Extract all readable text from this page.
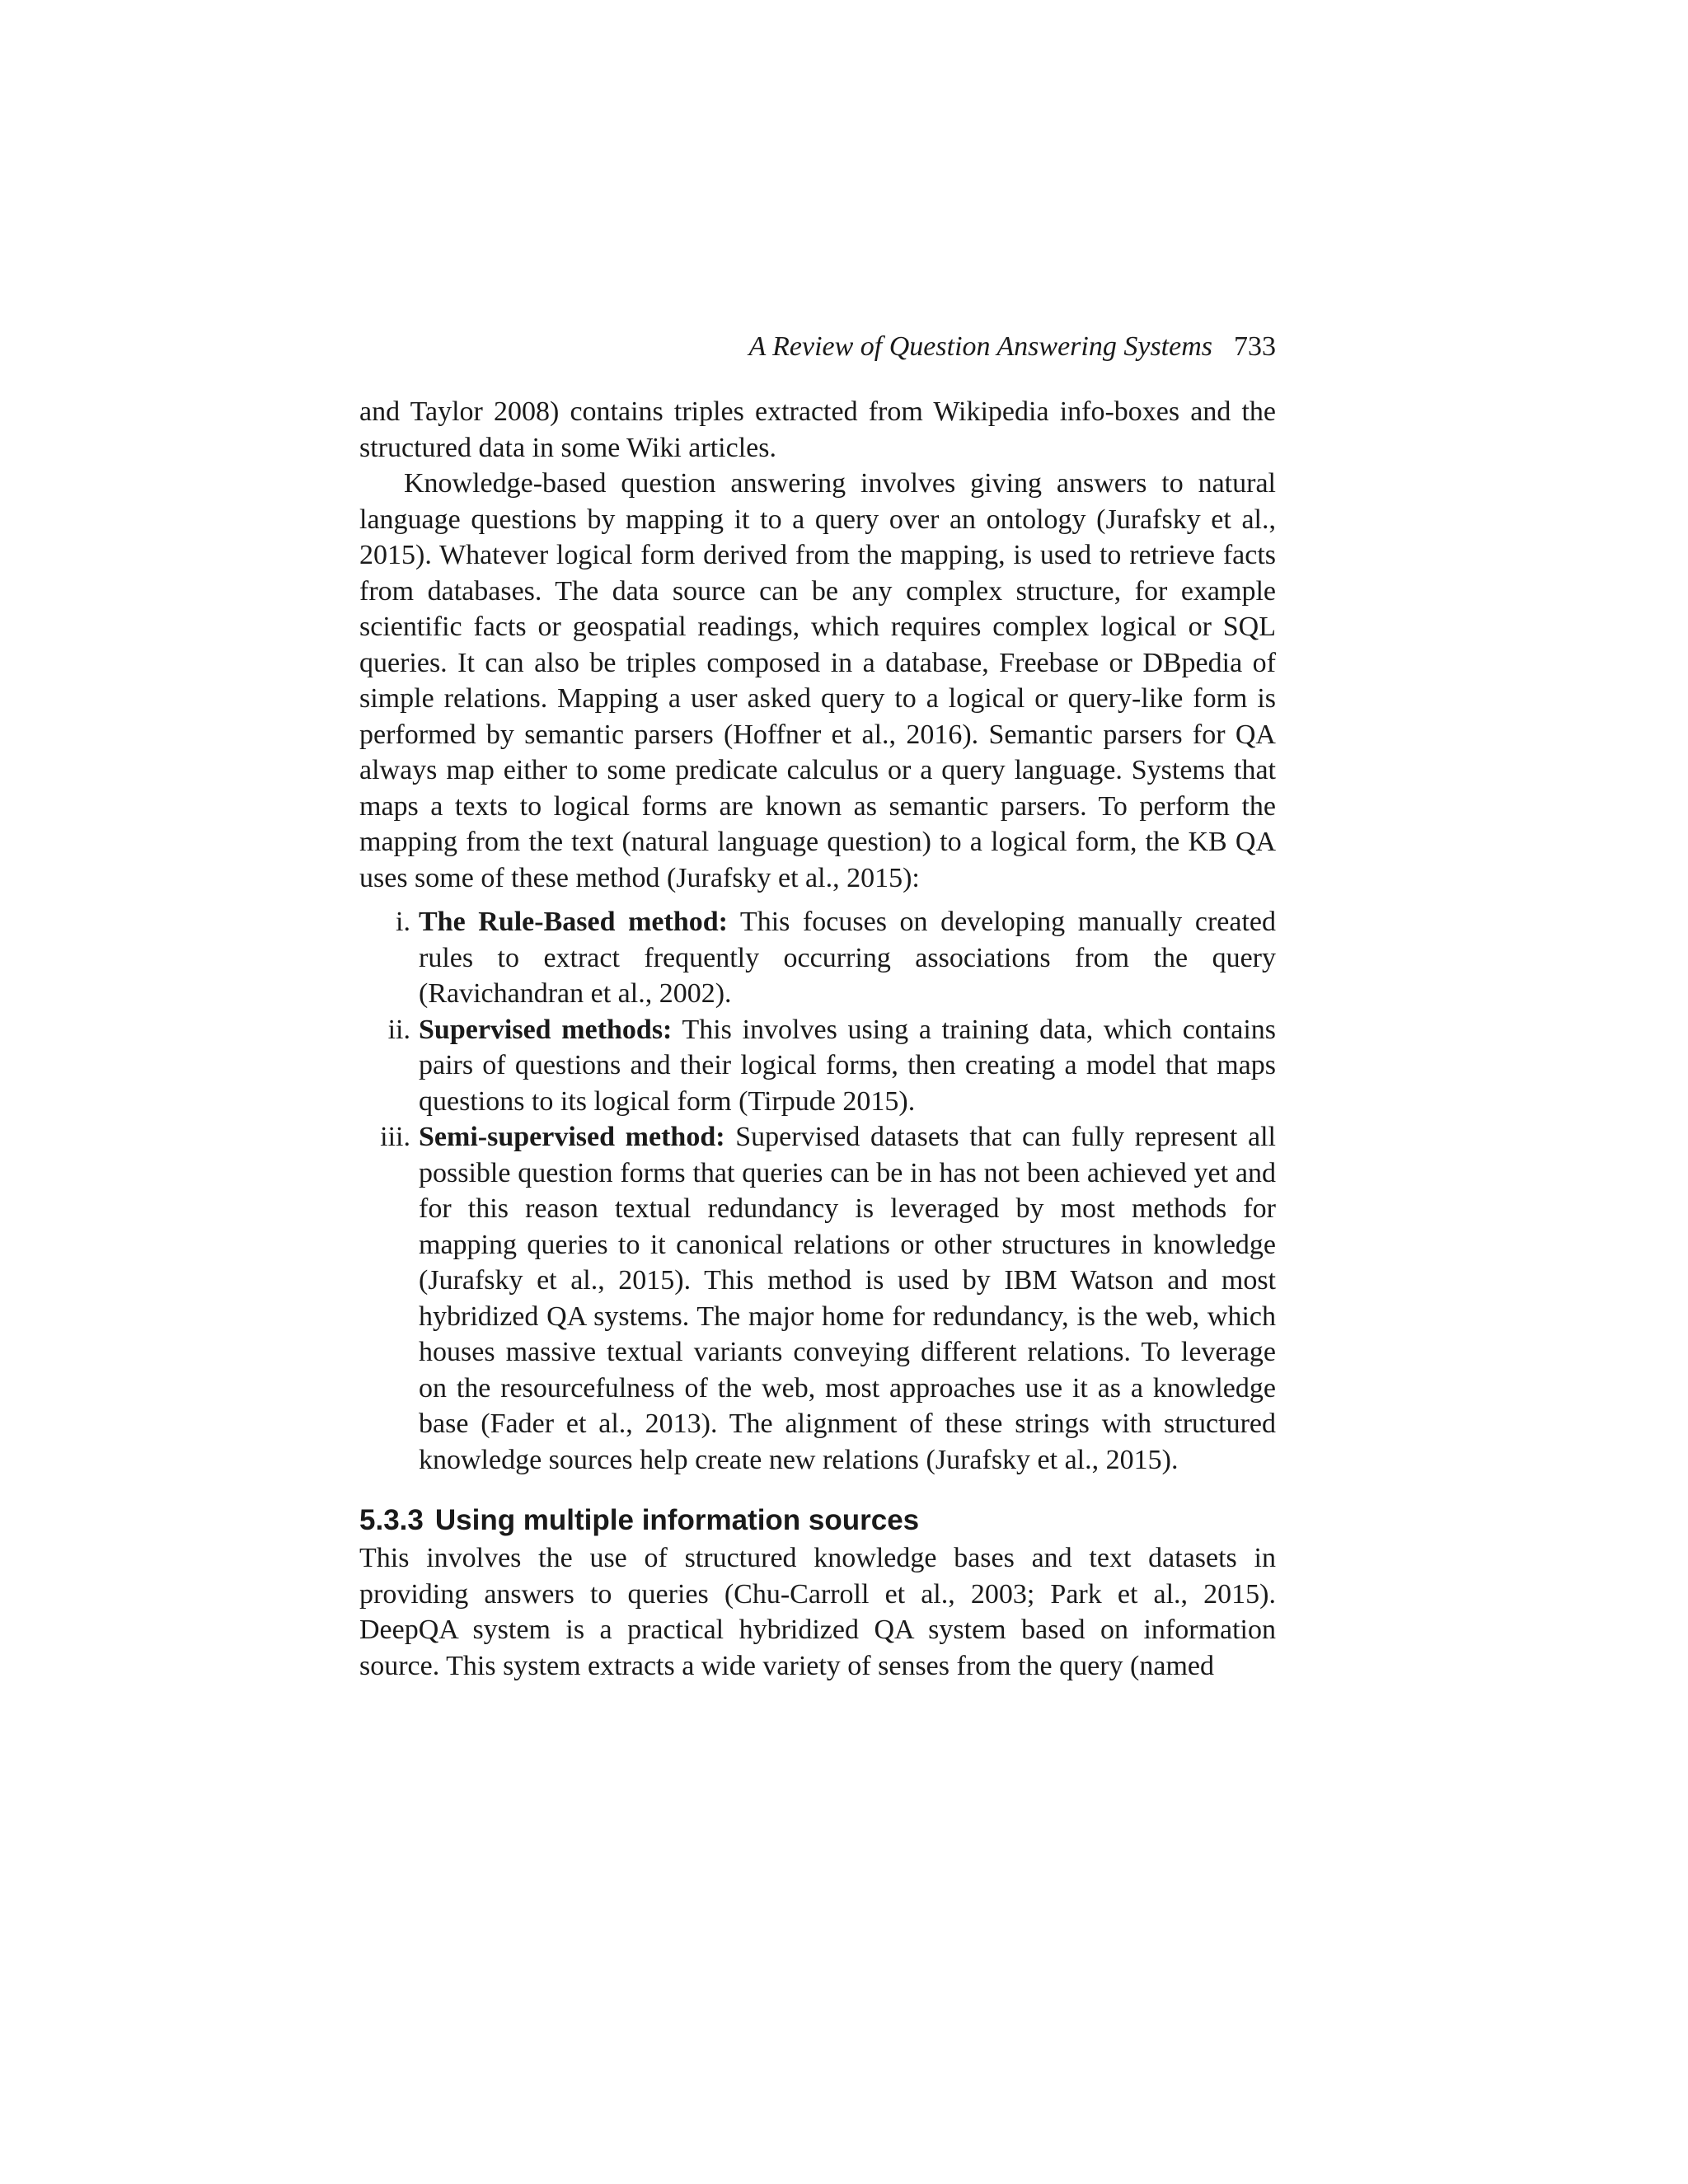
A Review of Question Answering Systems 733

and Taylor 2008) contains triples extracted from Wikipedia info-boxes and the structured data in some Wiki articles.

Knowledge-based question answering involves giving answers to natural language questions by mapping it to a query over an ontology (Jurafsky et al., 2015). Whatever logical form derived from the mapping, is used to retrieve facts from databases. The data source can be any complex structure, for example scientific facts or geospatial readings, which requires complex logical or SQL queries. It can also be triples composed in a database, Freebase or DBpedia of simple relations. Mapping a user asked query to a logical or query-like form is performed by semantic parsers (Hoffner et al., 2016). Semantic parsers for QA always map either to some predicate calculus or a query language. Systems that maps a texts to logical forms are known as semantic parsers. To perform the mapping from the text (natural language question) to a logical form, the KB QA uses some of these method (Jurafsky et al., 2015):

i. The Rule-Based method: This focuses on developing manually created rules to extract frequently occurring associations from the query (Ravichandran et al., 2002).
ii. Supervised methods: This involves using a training data, which contains pairs of questions and their logical forms, then creating a model that maps questions to its logical form (Tirpude 2015).
iii. Semi-supervised method: Supervised datasets that can fully represent all possible question forms that queries can be in has not been achieved yet and for this reason textual redundancy is leveraged by most methods for mapping queries to it canonical relations or other structures in knowledge (Jurafsky et al., 2015). This method is used by IBM Watson and most hybridized QA systems. The major home for redundancy, is the web, which houses massive textual variants conveying different relations. To leverage on the resourcefulness of the web, most approaches use it as a knowledge base (Fader et al., 2013). The alignment of these strings with structured knowledge sources help create new relations (Jurafsky et al., 2015).
5.3.3 Using multiple information sources

This involves the use of structured knowledge bases and text datasets in providing answers to queries (Chu-Carroll et al., 2003; Park et al., 2015). DeepQA system is a practical hybridized QA system based on information source. This system extracts a wide variety of senses from the query (named
